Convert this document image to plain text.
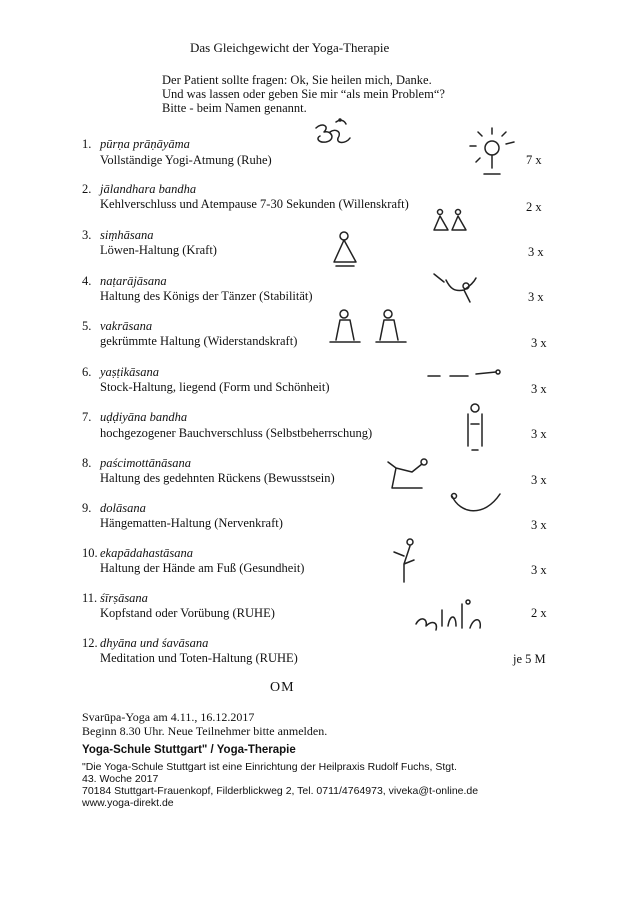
Das Gleichgewicht der Yoga-Therapie
Der Patient sollte fragen: Ok, Sie heilen mich, Danke.
Und was lassen oder geben Sie mir “als mein Problem“?
Bitte - beim Namen genannt.
1. pūrṇa prāṇāyāma
Vollständige Yogi-Atmung (Ruhe)	7 x
2. jālandhara bandha
Kehlverschluss und Atempause 7-30 Sekunden (Willenskraft)	2 x
3. siṃhāsana
Löwen-Haltung (Kraft)	3 x
4. naṭarājāsana
Haltung des Königs der Tänzer (Stabilität)	3 x
5. vakrāsana
gekrümmte Haltung (Widerstandskraft)	3 x
6. yaṣṭikāsana
Stock-Haltung, liegend (Form und Schönheit)	3 x
7. uḍḍiyāna bandha
hochgezogener Bauchverschluss (Selbstbeherrschung)	3 x
8. paścimottānāsana
Haltung des gedehnten Rückens (Bewusstsein)	3 x
9. dolāsana
Hängematten-Haltung (Nervenkraft)	3 x
10. ekapādahastāsana
Haltung der Hände am Fuß (Gesundheit)	3 x
11. śīrṣāsana
Kopfstand oder Vorübung (RUHE)	2 x
12. dhyāna und śavāsana
Meditation und Toten-Haltung (RUHE)	je 5 M
OM
Svarūpa-Yoga am 4.11., 16.12.2017
Beginn 8.30 Uhr. Neue Teilnehmer bitte anmelden.
Yoga-Schule Stuttgart" / Yoga-Therapie
"Die Yoga-Schule Stuttgart ist eine Einrichtung der Heilpraxis Rudolf Fuchs, Stgt.
43. Woche 2017
70184 Stuttgart-Frauenkopf, Filderblickweg 2, Tel. 0711/4764973, viveka@t-online.de
www.yoga-direkt.de
